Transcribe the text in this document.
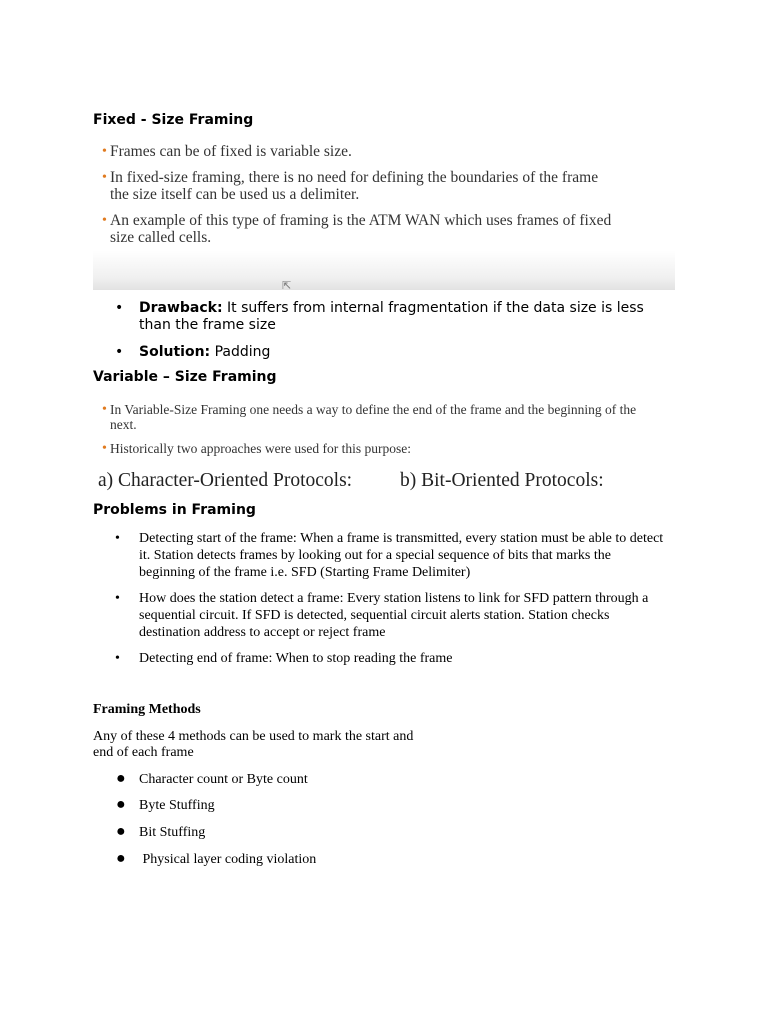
Fixed - Size Framing
• Frames can be of fixed is variable size.
• In fixed-size framing, there is no need for defining the boundaries of the frame
the size itself can be used us a delimiter.
• An example of this type of framing is the ATM WAN which uses frames of fixed
size called cells.
⇱
• Drawback: It suffers from internal fragmentation if the data size is less
than the frame size
• Solution: Padding
Variable – Size Framing
• In Variable-Size Framing one needs a way to define the end of the frame and the beginning of the
next.
• Historically two approaches were used for this purpose:
a) Character-Oriented Protocols: b) Bit-Oriented Protocols:
Problems in Framing
• Detecting start of the frame: When a frame is transmitted, every station must be able to detect
it. Station detects frames by looking out for a special sequence of bits that marks the
beginning of the frame i.e. SFD (Starting Frame Delimiter)
• How does the station detect a frame: Every station listens to link for SFD pattern through a
sequential circuit. If SFD is detected, sequential circuit alerts station. Station checks
destination address to accept or reject frame
• Detecting end of frame: When to stop reading the frame
Framing Methods
Any of these 4 methods can be used to mark the start and
end of each frame
● Character count or Byte count
● Byte Stuffing
● Bit Stuffing
● Physical layer coding violation
